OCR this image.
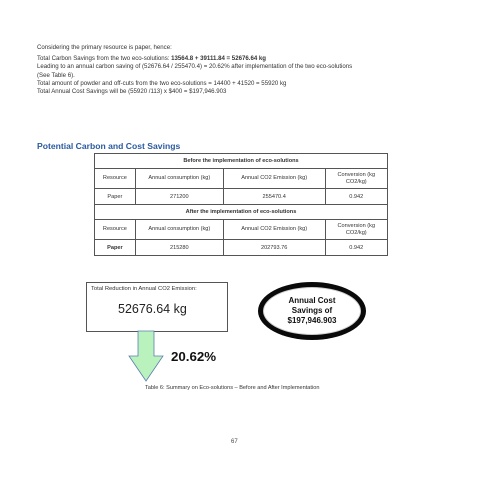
Considering the primary resource is paper, hence:
Total Carbon Savings from the two eco-solutions: 13564.8 + 39111.84 = 52676.64 kg
Leading to an annual carbon saving of (52676.64 / 255470.4) = 20.62% after implementation of the two eco-solutions
(See Table 6).
Total amount of powder and off-cuts from the two eco-solutions = 14400 + 41520 = 55920 kg
Total Annual Cost Savings will be (55920 /113) x $400 = $197,946.903
Potential Carbon and Cost Savings
Before the implementation of eco-solutions			
Resource	Annual consumption (kg)	Annual CO2 Emission (kg)	Conversion (kg
CO2/kg)
Paper	271200	255470.4	0.942
After the implementation of eco-solutions			
Resource	Annual consumption (kg)	Annual CO2 Emission (kg)	Conversion (kg
CO2/kg)
Paper	215280	202793.76	0.942
Total Reduction in Annual CO2 Emission:
52676.64 kg
Annual Cost
Savings of
$197,946.903
20.62%
Table 6: Summary on Eco-solutions – Before and After Implementation
67
